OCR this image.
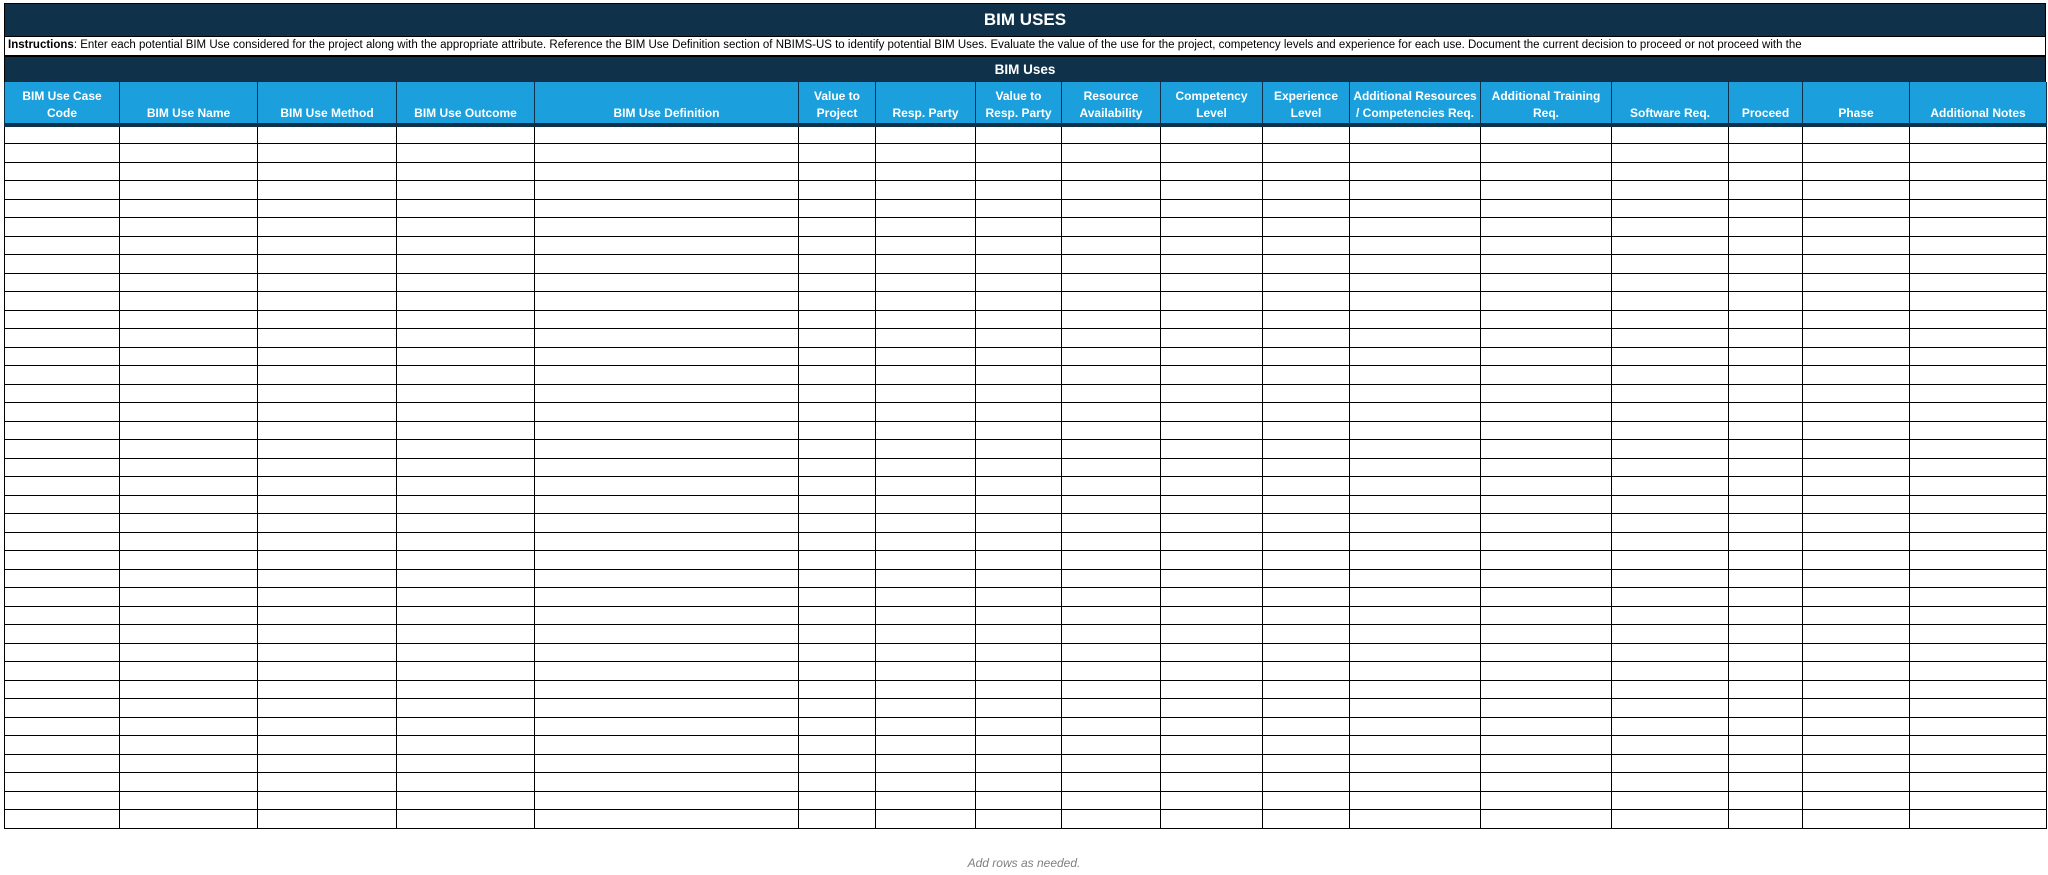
BIM USES
Instructions: Enter each potential BIM Use considered for the project along with the appropriate attribute. Reference the BIM Use Definition section of NBIMS-US to identify potential BIM Uses. Evaluate the value of the use for the project, competency levels and experience for each use. Document the current decision to proceed or not proceed with the
BIM Uses
BIM Use Case Code	BIM Use Name	BIM Use Method	BIM Use Outcome	BIM Use Definition	Value to Project	Resp. Party	Value to Resp. Party	Resource Availability	Competency Level	Experience Level	Additional Resources / Competencies Req.	Additional Training Req.	Software Req.	Proceed	Phase	Additional Notes

Add rows as needed.
